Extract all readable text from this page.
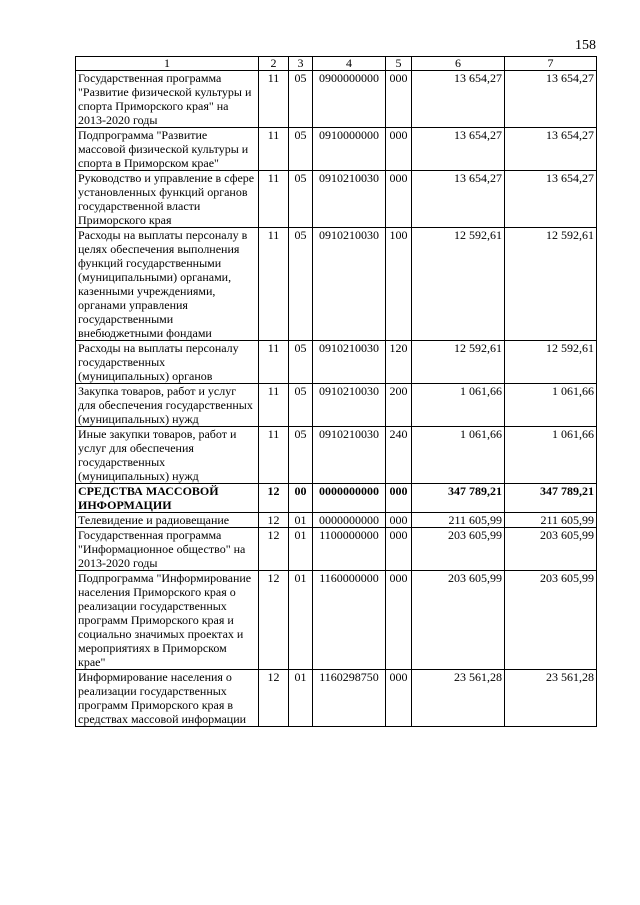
158
1	2	3	4	5	6	7
Государственная программа "Развитие физической культуры и спорта Приморского края" на 2013-2020 годы	11	05	0900000000	000	13 654,27	13 654,27
Подпрограмма "Развитие массовой физической культуры и спорта в Приморском крае"	11	05	0910000000	000	13 654,27	13 654,27
Руководство и управление в сфере установленных функций органов государственной власти Приморского края	11	05	0910210030	000	13 654,27	13 654,27
Расходы на выплаты персоналу в целях обеспечения выполнения функций государственными (муниципальными) органами, казенными учреждениями, органами управления государственными внебюджетными фондами	11	05	0910210030	100	12 592,61	12 592,61
Расходы на выплаты персоналу государственных (муниципальных) органов	11	05	0910210030	120	12 592,61	12 592,61
Закупка товаров, работ и услуг для обеспечения государственных (муниципальных) нужд	11	05	0910210030	200	1 061,66	1 061,66
Иные закупки товаров, работ и услуг для обеспечения государственных (муниципальных) нужд	11	05	0910210030	240	1 061,66	1 061,66
СРЕДСТВА МАССОВОЙ ИНФОРМАЦИИ	12	00	0000000000	000	347 789,21	347 789,21
Телевидение и радиовещание	12	01	0000000000	000	211 605,99	211 605,99
Государственная программа "Информационное общество" на 2013-2020 годы	12	01	1100000000	000	203 605,99	203 605,99
Подпрограмма "Информирование населения Приморского края о реализации государственных программ Приморского края и социально значимых проектах и мероприятиях в Приморском крае"	12	01	1160000000	000	203 605,99	203 605,99
Информирование населения о реализации государственных программ Приморского края в средствах массовой информации	12	01	1160298750	000	23 561,28	23 561,28
